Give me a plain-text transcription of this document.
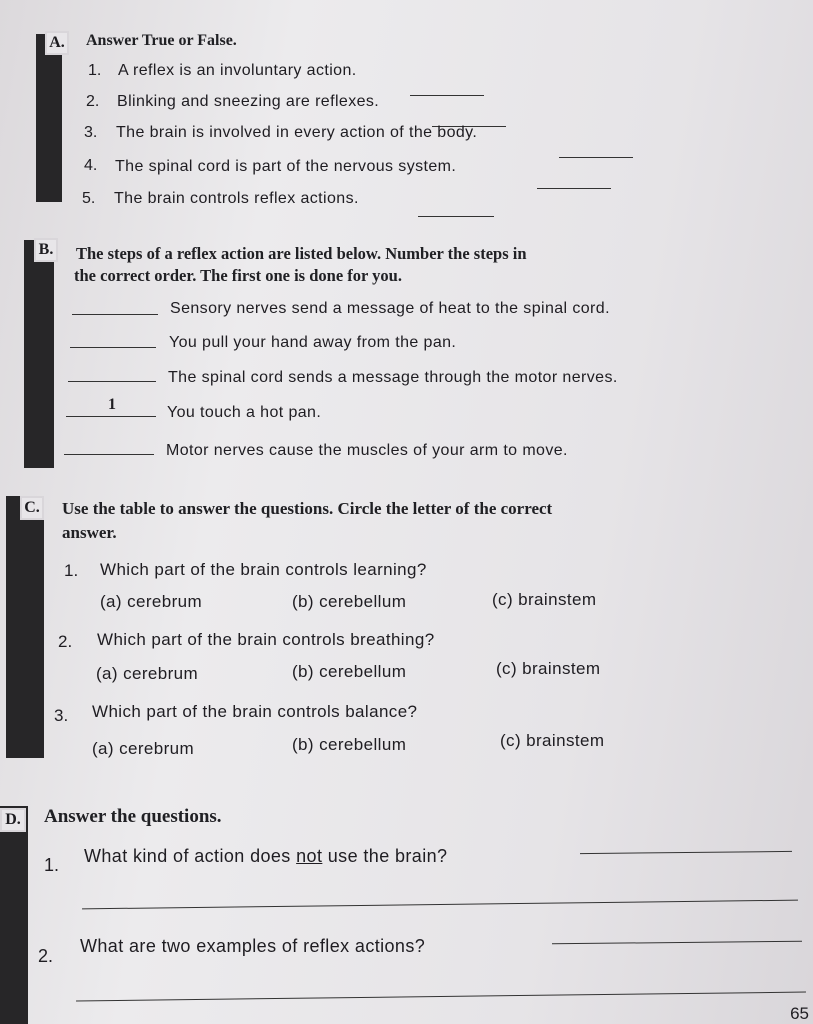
A. Answer True or False.
1. A reflex is an involuntary action.
2. Blinking and sneezing are reflexes.
3. The brain is involved in every action of the body.
4. The spinal cord is part of the nervous system.
5. The brain controls reflex actions.
B. The steps of a reflex action are listed below. Number the steps in
the correct order. The first one is done for you.
Sensory nerves send a message of heat to the spinal cord.
You pull your hand away from the pan.
The spinal cord sends a message through the motor nerves.
1	You touch a hot pan.
Motor nerves cause the muscles of your arm to move.
C. Use the table to answer the questions. Circle the letter of the correct
answer.
1. Which part of the brain controls learning?
(a) cerebrum	(b) cerebellum	(c) brainstem
2. Which part of the brain controls breathing?
(a) cerebrum	(b) cerebellum	(c) brainstem
3. Which part of the brain controls balance?
(a) cerebrum	(b) cerebellum	(c) brainstem
D. Answer the questions.
1. What kind of action does not use the brain?
2. What are two examples of reflex actions?
65
